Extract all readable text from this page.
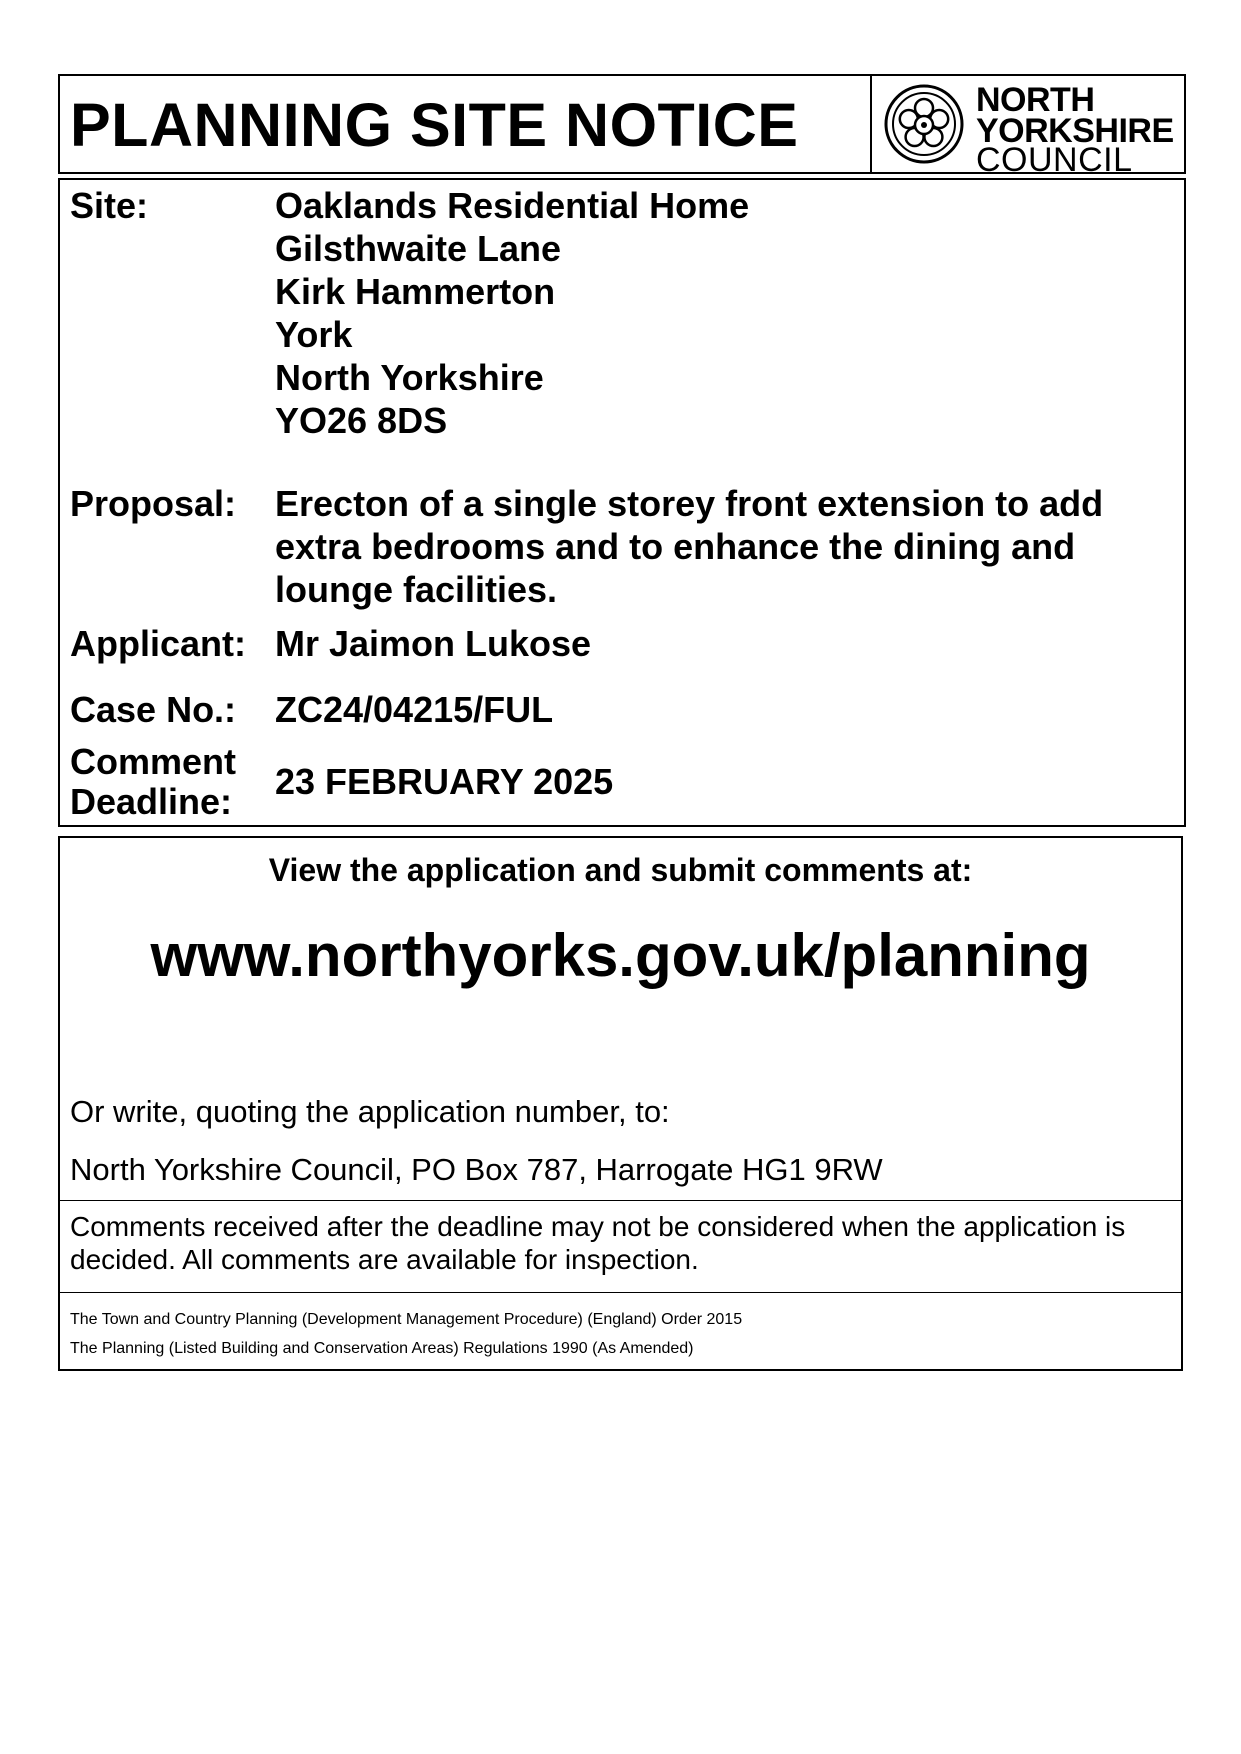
PLANNING SITE NOTICE	NORTH
YORKSHIRE
COUNCIL
Site:	Oaklands Residential Home
Gilsthwaite Lane
Kirk Hammerton
York
North Yorkshire
YO26 8DS
Proposal: Erecton of a single storey front extension to add
extra bedrooms and to enhance the dining and
lounge facilities.
Applicant: Mr Jaimon Lukose
Case No.: ZC24/04215/FUL
Comment
Deadline: 23 FEBRUARY 2025
View the application and submit comments at:
www.northyorks.gov.uk/planning
Or write, quoting the application number, to:
North Yorkshire Council, PO Box 787, Harrogate HG1 9RW
Comments received after the deadline may not be considered when the application is
decided. All comments are available for inspection.
The Town and Country Planning (Development Management Procedure) (England) Order 2015
The Planning (Listed Building and Conservation Areas) Regulations 1990 (As Amended)
